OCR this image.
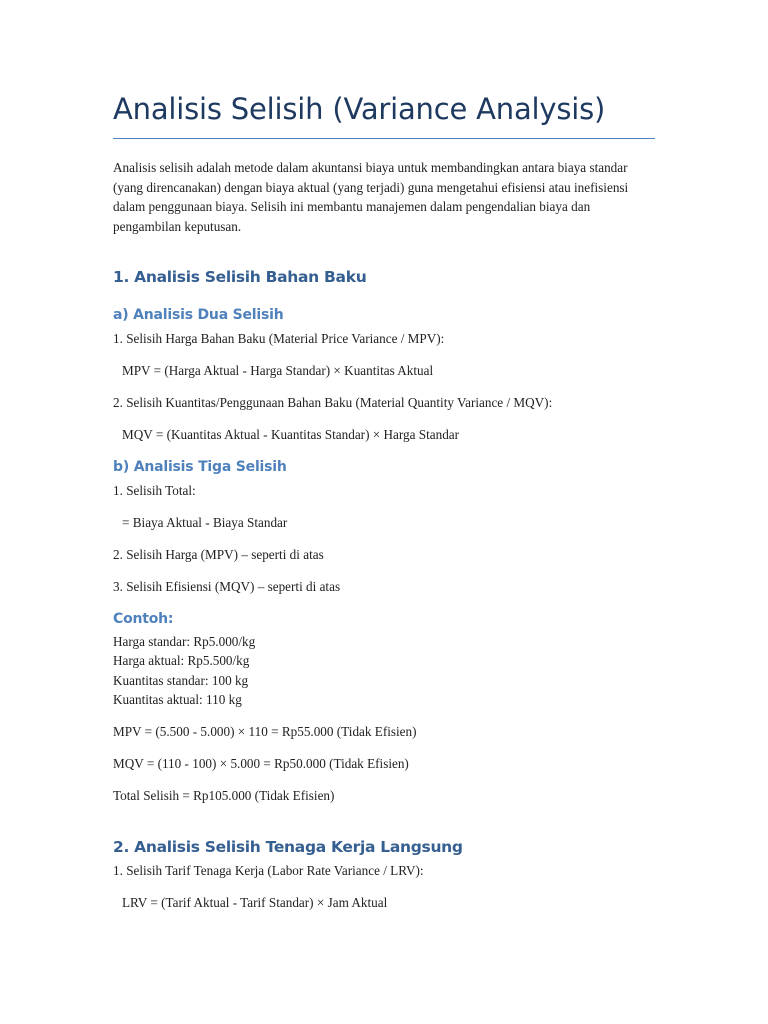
Analisis Selisih (Variance Analysis)

Analisis selisih adalah metode dalam akuntansi biaya untuk membandingkan antara biaya standar (yang direncanakan) dengan biaya aktual (yang terjadi) guna mengetahui efisiensi atau inefisiensi dalam penggunaan biaya. Selisih ini membantu manajemen dalam pengendalian biaya dan pengambilan keputusan.

1. Analisis Selisih Bahan Baku
a) Analisis Dua Selisih
1. Selisih Harga Bahan Baku (Material Price Variance / MPV):
MPV = (Harga Aktual - Harga Standar) × Kuantitas Aktual
2. Selisih Kuantitas/Penggunaan Bahan Baku (Material Quantity Variance / MQV):
MQV = (Kuantitas Aktual - Kuantitas Standar) × Harga Standar
b) Analisis Tiga Selisih
1. Selisih Total:
= Biaya Aktual - Biaya Standar
2. Selisih Harga (MPV) – seperti di atas
3. Selisih Efisiensi (MQV) – seperti di atas
Contoh:
Harga standar: Rp5.000/kg
Harga aktual: Rp5.500/kg
Kuantitas standar: 100 kg
Kuantitas aktual: 110 kg
MPV = (5.500 - 5.000) × 110 = Rp55.000 (Tidak Efisien)
MQV = (110 - 100) × 5.000 = Rp50.000 (Tidak Efisien)
Total Selisih = Rp105.000 (Tidak Efisien)
2. Analisis Selisih Tenaga Kerja Langsung
1. Selisih Tarif Tenaga Kerja (Labor Rate Variance / LRV):
LRV = (Tarif Aktual - Tarif Standar) × Jam Aktual
